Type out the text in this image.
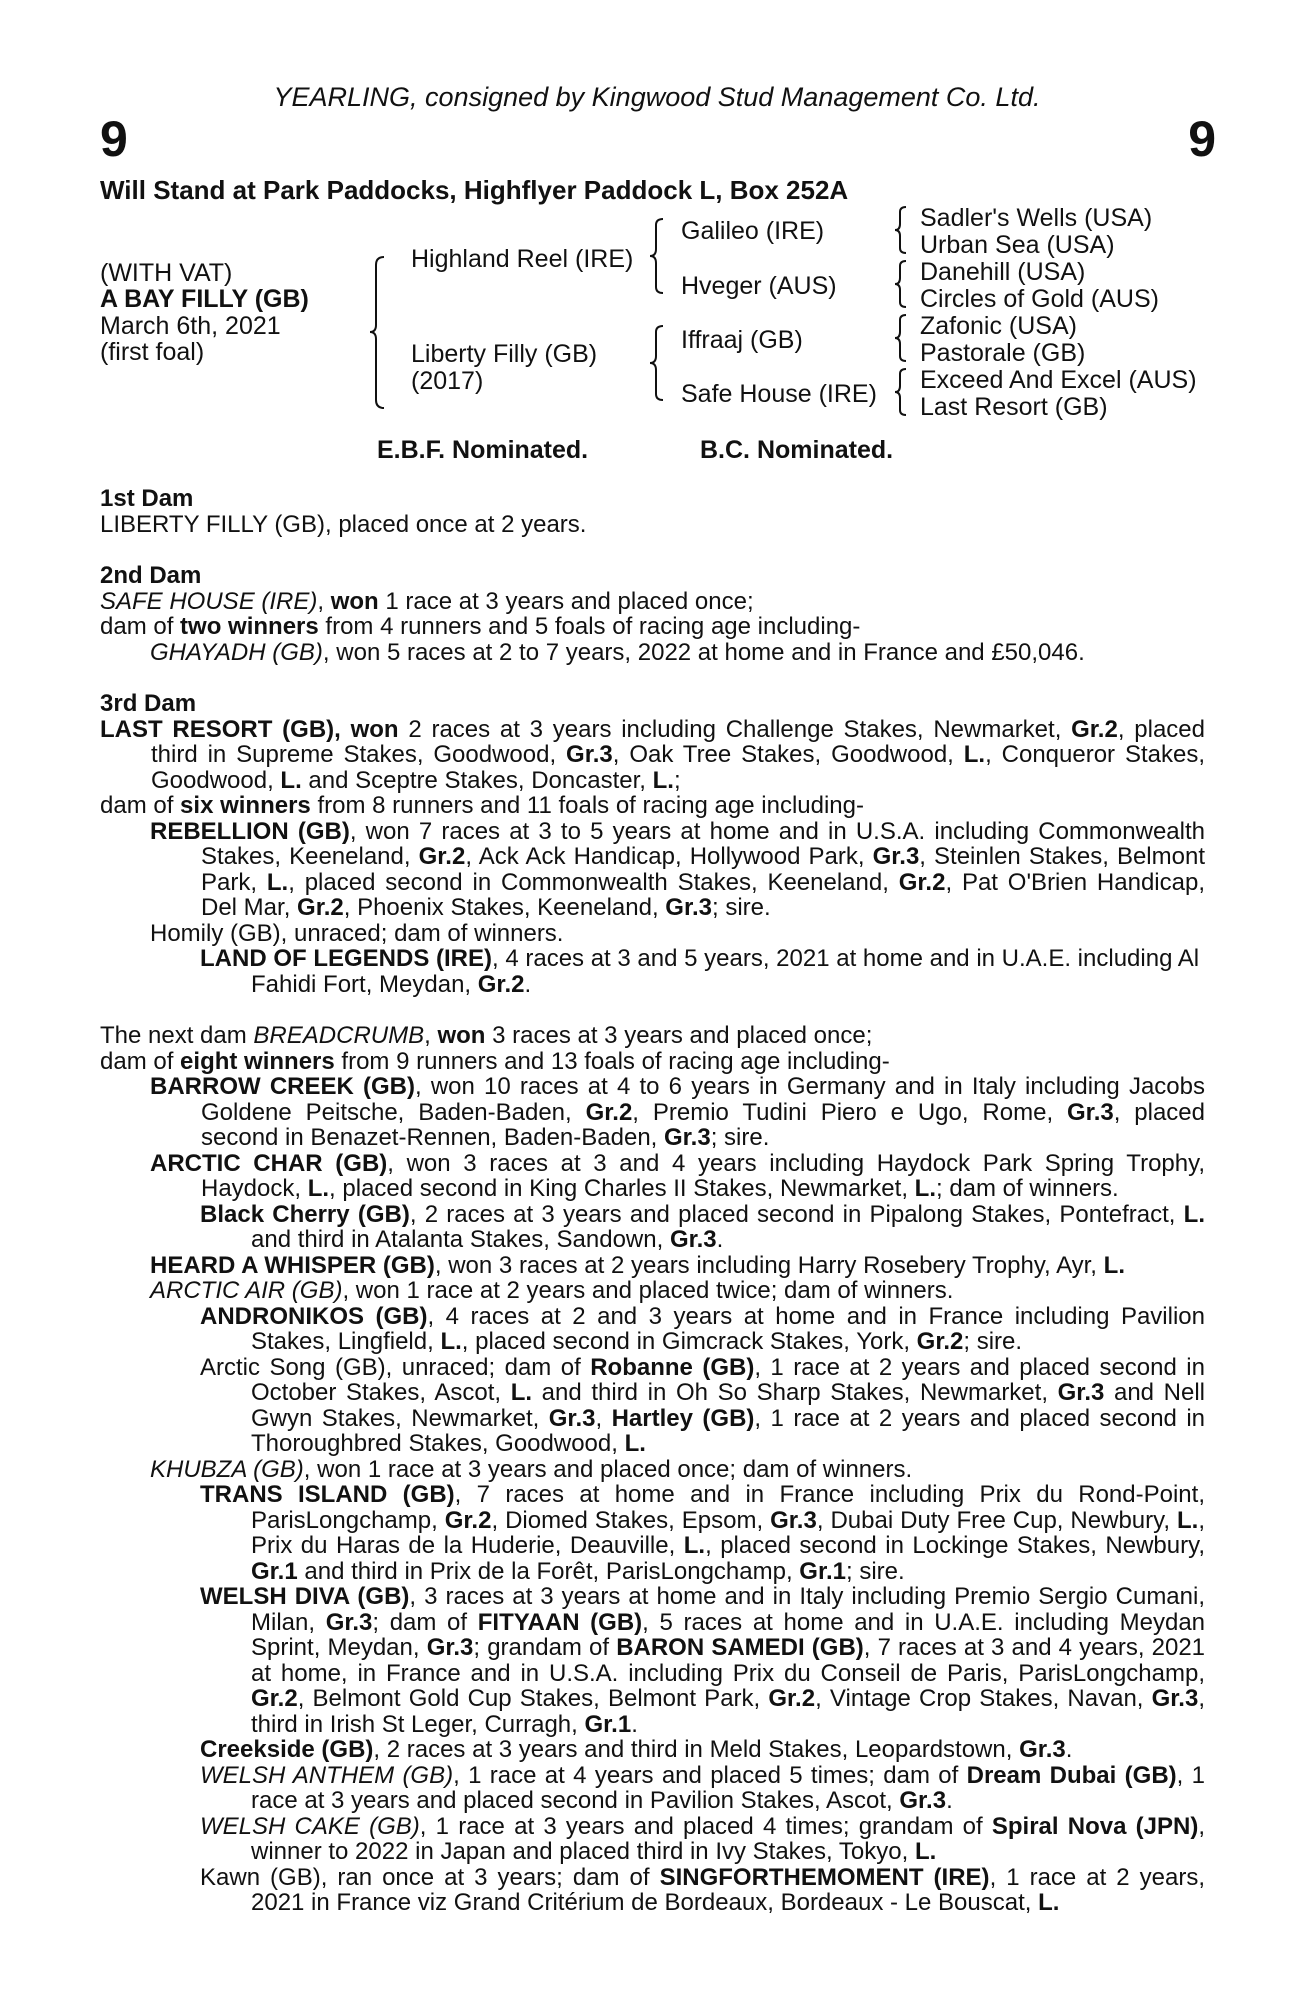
YEARLING, consigned by Kingwood Stud Management Co. Ltd.
9	9
Will Stand at Park Paddocks, Highflyer Paddock L, Box 252A
(WITH VAT)
A BAY FILLY (GB)
March 6th, 2021
(first foal)
Highland Reel (IRE)
Liberty Filly (GB)
(2017)
Galileo (IRE)
Hveger (AUS)
Iffraaj (GB)
Safe House (IRE)
Sadler's Wells (USA)
Urban Sea (USA)
Danehill (USA)
Circles of Gold (AUS)
Zafonic (USA)
Pastorale (GB)
Exceed And Excel (AUS)
Last Resort (GB)
E.B.F. Nominated.	B.C. Nominated.

1st Dam

LIBERTY FILLY (GB), placed once at 2 years.

2nd Dam

SAFE HOUSE (IRE), won 1 race at 3 years and placed once;

dam of two winners from 4 runners and 5 foals of racing age including-

GHAYADH (GB), won 5 races at 2 to 7 years, 2022 at home and in France and £50,046.

3rd Dam

LAST RESORT (GB), won 2 races at 3 years including Challenge Stakes, Newmarket, Gr.2, placed third in Supreme Stakes, Goodwood, Gr.3, Oak Tree Stakes, Goodwood, L., Conqueror Stakes, Goodwood, L. and Sceptre Stakes, Doncaster, L.;

dam of six winners from 8 runners and 11 foals of racing age including-

REBELLION (GB), won 7 races at 3 to 5 years at home and in U.S.A. including Commonwealth Stakes, Keeneland, Gr.2, Ack Ack Handicap, Hollywood Park, Gr.3, Steinlen Stakes, Belmont Park, L., placed second in Commonwealth Stakes, Keeneland, Gr.2, Pat O'Brien Handicap, Del Mar, Gr.2, Phoenix Stakes, Keeneland, Gr.3; sire.

Homily (GB), unraced; dam of winners.

LAND OF LEGENDS (IRE), 4 races at 3 and 5 years, 2021 at home and in U.A.E. including Al Fahidi Fort, Meydan, Gr.2.

The next dam BREADCRUMB, won 3 races at 3 years and placed once;

dam of eight winners from 9 runners and 13 foals of racing age including-

BARROW CREEK (GB), won 10 races at 4 to 6 years in Germany and in Italy including Jacobs Goldene Peitsche, Baden-Baden, Gr.2, Premio Tudini Piero e Ugo, Rome, Gr.3, placed second in Benazet-Rennen, Baden-Baden, Gr.3; sire.

ARCTIC CHAR (GB), won 3 races at 3 and 4 years including Haydock Park Spring Trophy, Haydock, L., placed second in King Charles II Stakes, Newmarket, L.; dam of winners.

Black Cherry (GB), 2 races at 3 years and placed second in Pipalong Stakes, Pontefract, L. and third in Atalanta Stakes, Sandown, Gr.3.

HEARD A WHISPER (GB), won 3 races at 2 years including Harry Rosebery Trophy, Ayr, L.

ARCTIC AIR (GB), won 1 race at 2 years and placed twice; dam of winners.

ANDRONIKOS (GB), 4 races at 2 and 3 years at home and in France including Pavilion Stakes, Lingfield, L., placed second in Gimcrack Stakes, York, Gr.2; sire.

Arctic Song (GB), unraced; dam of Robanne (GB), 1 race at 2 years and placed second in October Stakes, Ascot, L. and third in Oh So Sharp Stakes, Newmarket, Gr.3 and Nell Gwyn Stakes, Newmarket, Gr.3, Hartley (GB), 1 race at 2 years and placed second in Thoroughbred Stakes, Goodwood, L.

KHUBZA (GB), won 1 race at 3 years and placed once; dam of winners.

TRANS ISLAND (GB), 7 races at home and in France including Prix du Rond-Point, ParisLongchamp, Gr.2, Diomed Stakes, Epsom, Gr.3, Dubai Duty Free Cup, Newbury, L., Prix du Haras de la Huderie, Deauville, L., placed second in Lockinge Stakes, Newbury, Gr.1 and third in Prix de la Forêt, ParisLongchamp, Gr.1; sire.

WELSH DIVA (GB), 3 races at 3 years at home and in Italy including Premio Sergio Cumani, Milan, Gr.3; dam of FITYAAN (GB), 5 races at home and in U.A.E. including Meydan Sprint, Meydan, Gr.3; grandam of BARON SAMEDI (GB), 7 races at 3 and 4 years, 2021 at home, in France and in U.S.A. including Prix du Conseil de Paris, ParisLongchamp, Gr.2, Belmont Gold Cup Stakes, Belmont Park, Gr.2, Vintage Crop Stakes, Navan, Gr.3, third in Irish St Leger, Curragh, Gr.1.

Creekside (GB), 2 races at 3 years and third in Meld Stakes, Leopardstown, Gr.3.

WELSH ANTHEM (GB), 1 race at 4 years and placed 5 times; dam of Dream Dubai (GB), 1 race at 3 years and placed second in Pavilion Stakes, Ascot, Gr.3.

WELSH CAKE (GB), 1 race at 3 years and placed 4 times; grandam of Spiral Nova (JPN), winner to 2022 in Japan and placed third in Ivy Stakes, Tokyo, L.

Kawn (GB), ran once at 3 years; dam of SINGFORTHEMOMENT (IRE), 1 race at 2 years, 2021 in France viz Grand Critérium de Bordeaux, Bordeaux - Le Bouscat, L.
